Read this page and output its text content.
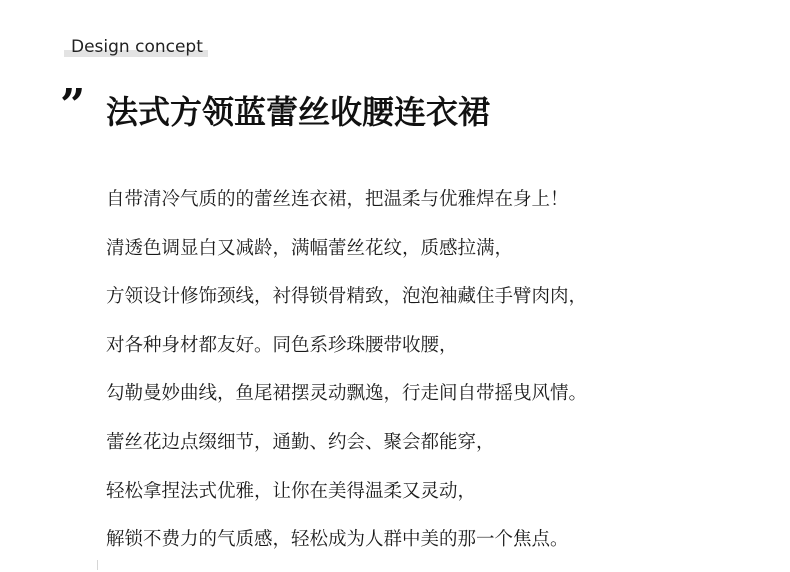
Design concept
” 法式方领蓝蕾丝收腰连衣裙
自带清冷气质的的蕾丝连衣裙，把温柔与优雅焊在身上！
清透色调显白又减龄，满幅蕾丝花纹，质感拉满，
方领设计修饰颈线，衬得锁骨精致，泡泡袖藏住手臂肉肉，
对各种身材都友好。同色系珍珠腰带收腰，
勾勒曼妙曲线，鱼尾裙摆灵动飘逸，行走间自带摇曳风情。
蕾丝花边点缀细节，通勤、约会、聚会都能穿，
轻松拿捏法式优雅，让你在美得温柔又灵动，
解锁不费力的气质感，轻松成为人群中美的那一个焦点。
